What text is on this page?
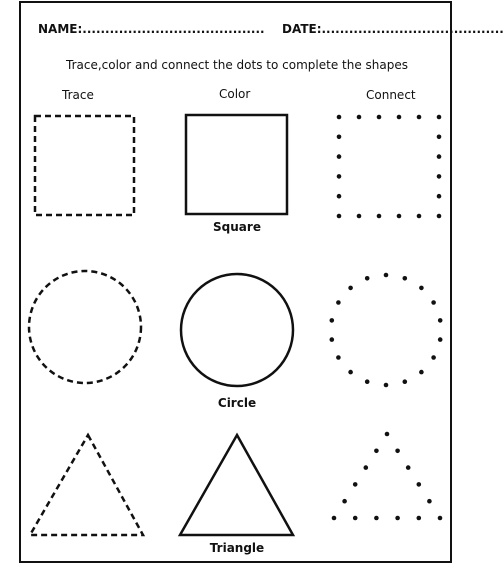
NAME:........................................ DATE:........................................
Trace,color and connect the dots to complete the shapes
Trace	Color	Connect
Square
Circle
Triangle
